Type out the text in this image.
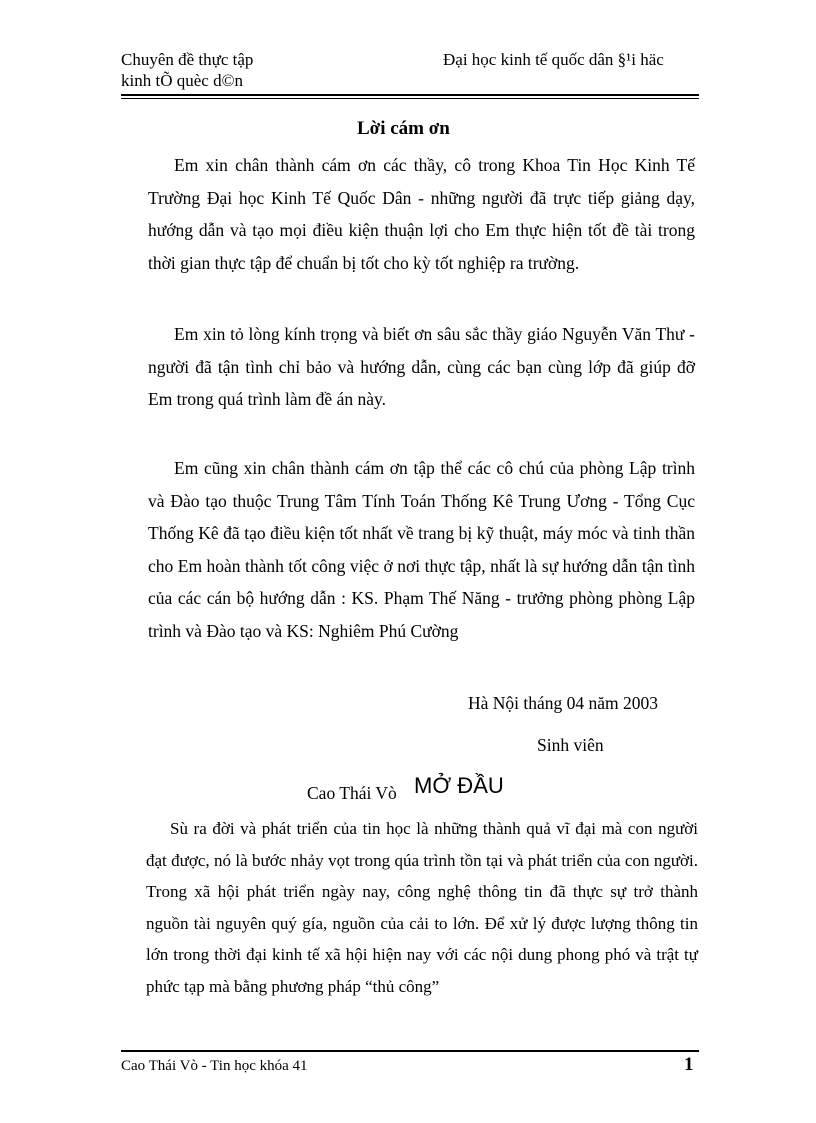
Chuyên đề thực tập
kinh tÕ quèc d©n
Đại học kinh tế quốc dân §¹i häc
Lời cám ơn
Em xin chân thành cám ơn các thầy, cô trong Khoa Tin Học Kinh Tế Trường Đại học Kinh Tế Quốc Dân - những người đã trực tiếp giảng dạy, hướng dẫn và tạo mọi điều kiện thuận lợi cho Em thực hiện tốt đề tài trong thời gian thực tập để chuẩn bị tốt cho kỳ tốt nghiệp ra trường.
Em xin tỏ lòng kính trọng và biết ơn sâu sắc thầy giáo Nguyễn Văn Thư - người đã tận tình chỉ bảo và hướng dẫn, cùng các bạn cùng lớp đã giúp đỡ Em trong quá trình làm đề án này.
Em cũng xin chân thành cám ơn tập thể các cô chú của phòng Lập trình và Đào tạo thuộc Trung Tâm Tính Toán Thống Kê Trung Ương - Tổng Cục Thống Kê đã tạo điều kiện tốt nhất về trang bị kỹ thuật, máy móc và tinh thần cho Em hoàn thành tốt công việc ở nơi thực tập, nhất là sự hướng dẫn tận tình của các cán bộ hướng dẫn : KS. Phạm Thế Năng - trưởng phòng phòng Lập trình và Đào tạo và KS: Nghiêm Phú Cường
Hà Nội tháng 04 năm 2003
Sinh viên
Cao Thái Vò MỞ ĐẦU
Sù ra đời và phát triển của tin học là những thành quả vĩ đại mà con người đạt được, nó là bước nhảy vọt trong qúa trình tồn tại và phát triển của con người. Trong xã hội phát triển ngày nay, công nghệ thông tin đã thực sự trở thành nguồn tài nguyên quý gía, nguồn của cải to lớn. Để xử lý được lượng thông tin lớn trong thời đại kinh tế xã hội hiện nay với các nội dung phong phó và trật tự phức tạp mà bằng phương pháp “thủ công”
Cao Thái Vò - Tin học khóa 41	1
